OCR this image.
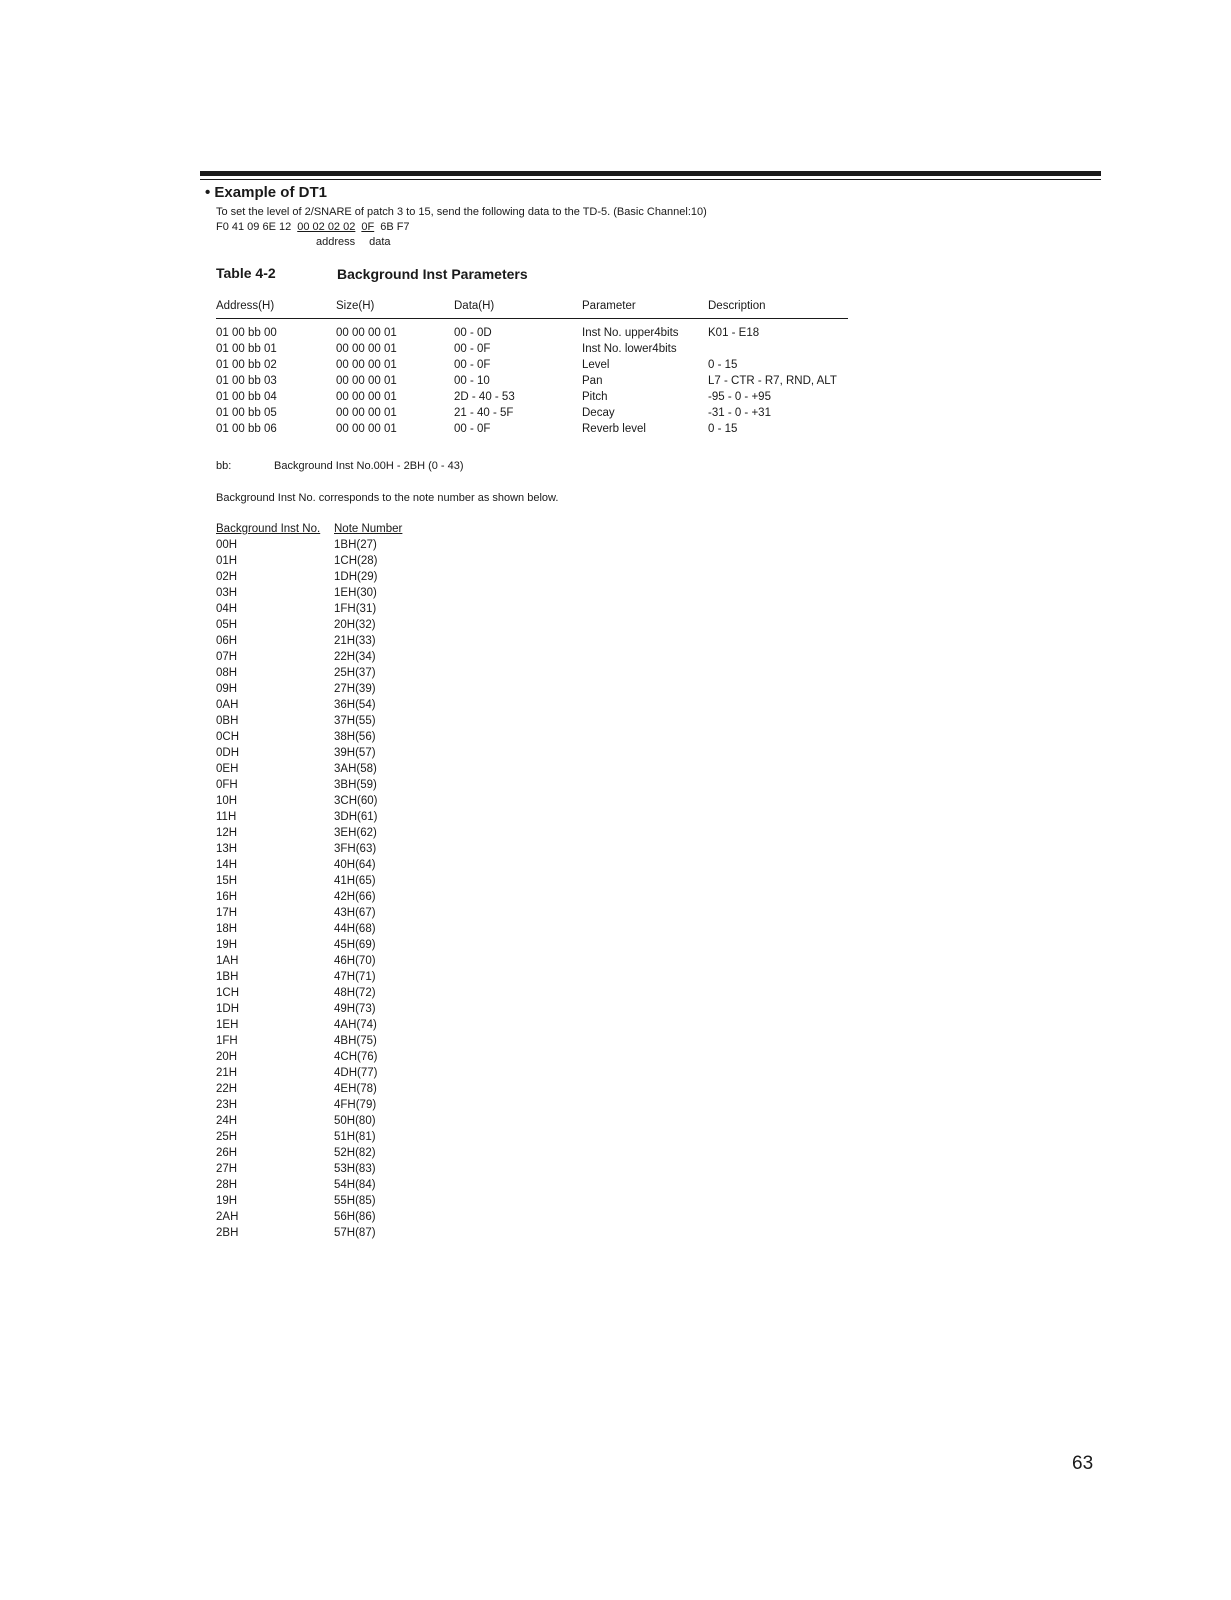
• Example of DT1
To set the level of 2/SNARE of patch 3 to 15, send the following data to the TD-5. (Basic Channel:10)
F0 41 09 6E 12 00 02 02 02 0F 6B F7
address data
Table 4-2	Background Inst Parameters
Address(H)	Size(H)	Data(H)	Parameter	Description
01 00 bb 00	00 00 00 01	00 - 0D	Inst No. upper4bits	K01 - E18
01 00 bb 01	00 00 00 01	00 - 0F	Inst No. lower4bits
01 00 bb 02	00 00 00 01	00 - 0F	Level	0 - 15
01 00 bb 03	00 00 00 01	00 - 10	Pan	L7 - CTR - R7, RND, ALT
01 00 bb 04	00 00 00 01	2D - 40 - 53	Pitch	-95 - 0 - +95
01 00 bb 05	00 00 00 01	21 - 40 - 5F	Decay	-31 - 0 - +31
01 00 bb 06	00 00 00 01	00 - 0F	Reverb level	0 - 15
bb:	Background Inst No.00H - 2BH (0 - 43)
Background Inst No. corresponds to the note number as shown below.
Background Inst No. Note Number
00H	1BH(27)
01H	1CH(28)
02H	1DH(29)
03H	1EH(30)
04H	1FH(31)
05H	20H(32)
06H	21H(33)
07H	22H(34)
08H	25H(37)
09H	27H(39)
0AH	36H(54)
0BH	37H(55)
0CH	38H(56)
0DH	39H(57)
0EH	3AH(58)
0FH	3BH(59)
10H	3CH(60)
11H	3DH(61)
12H	3EH(62)
13H	3FH(63)
14H	40H(64)
15H	41H(65)
16H	42H(66)
17H	43H(67)
18H	44H(68)
19H	45H(69)
1AH	46H(70)
1BH	47H(71)
1CH	48H(72)
1DH	49H(73)
1EH	4AH(74)
1FH	4BH(75)
20H	4CH(76)
21H	4DH(77)
22H	4EH(78)
23H	4FH(79)
24H	50H(80)
25H	51H(81)
26H	52H(82)
27H	53H(83)
28H	54H(84)
19H	55H(85)
2AH	56H(86)
2BH	57H(87)
63
